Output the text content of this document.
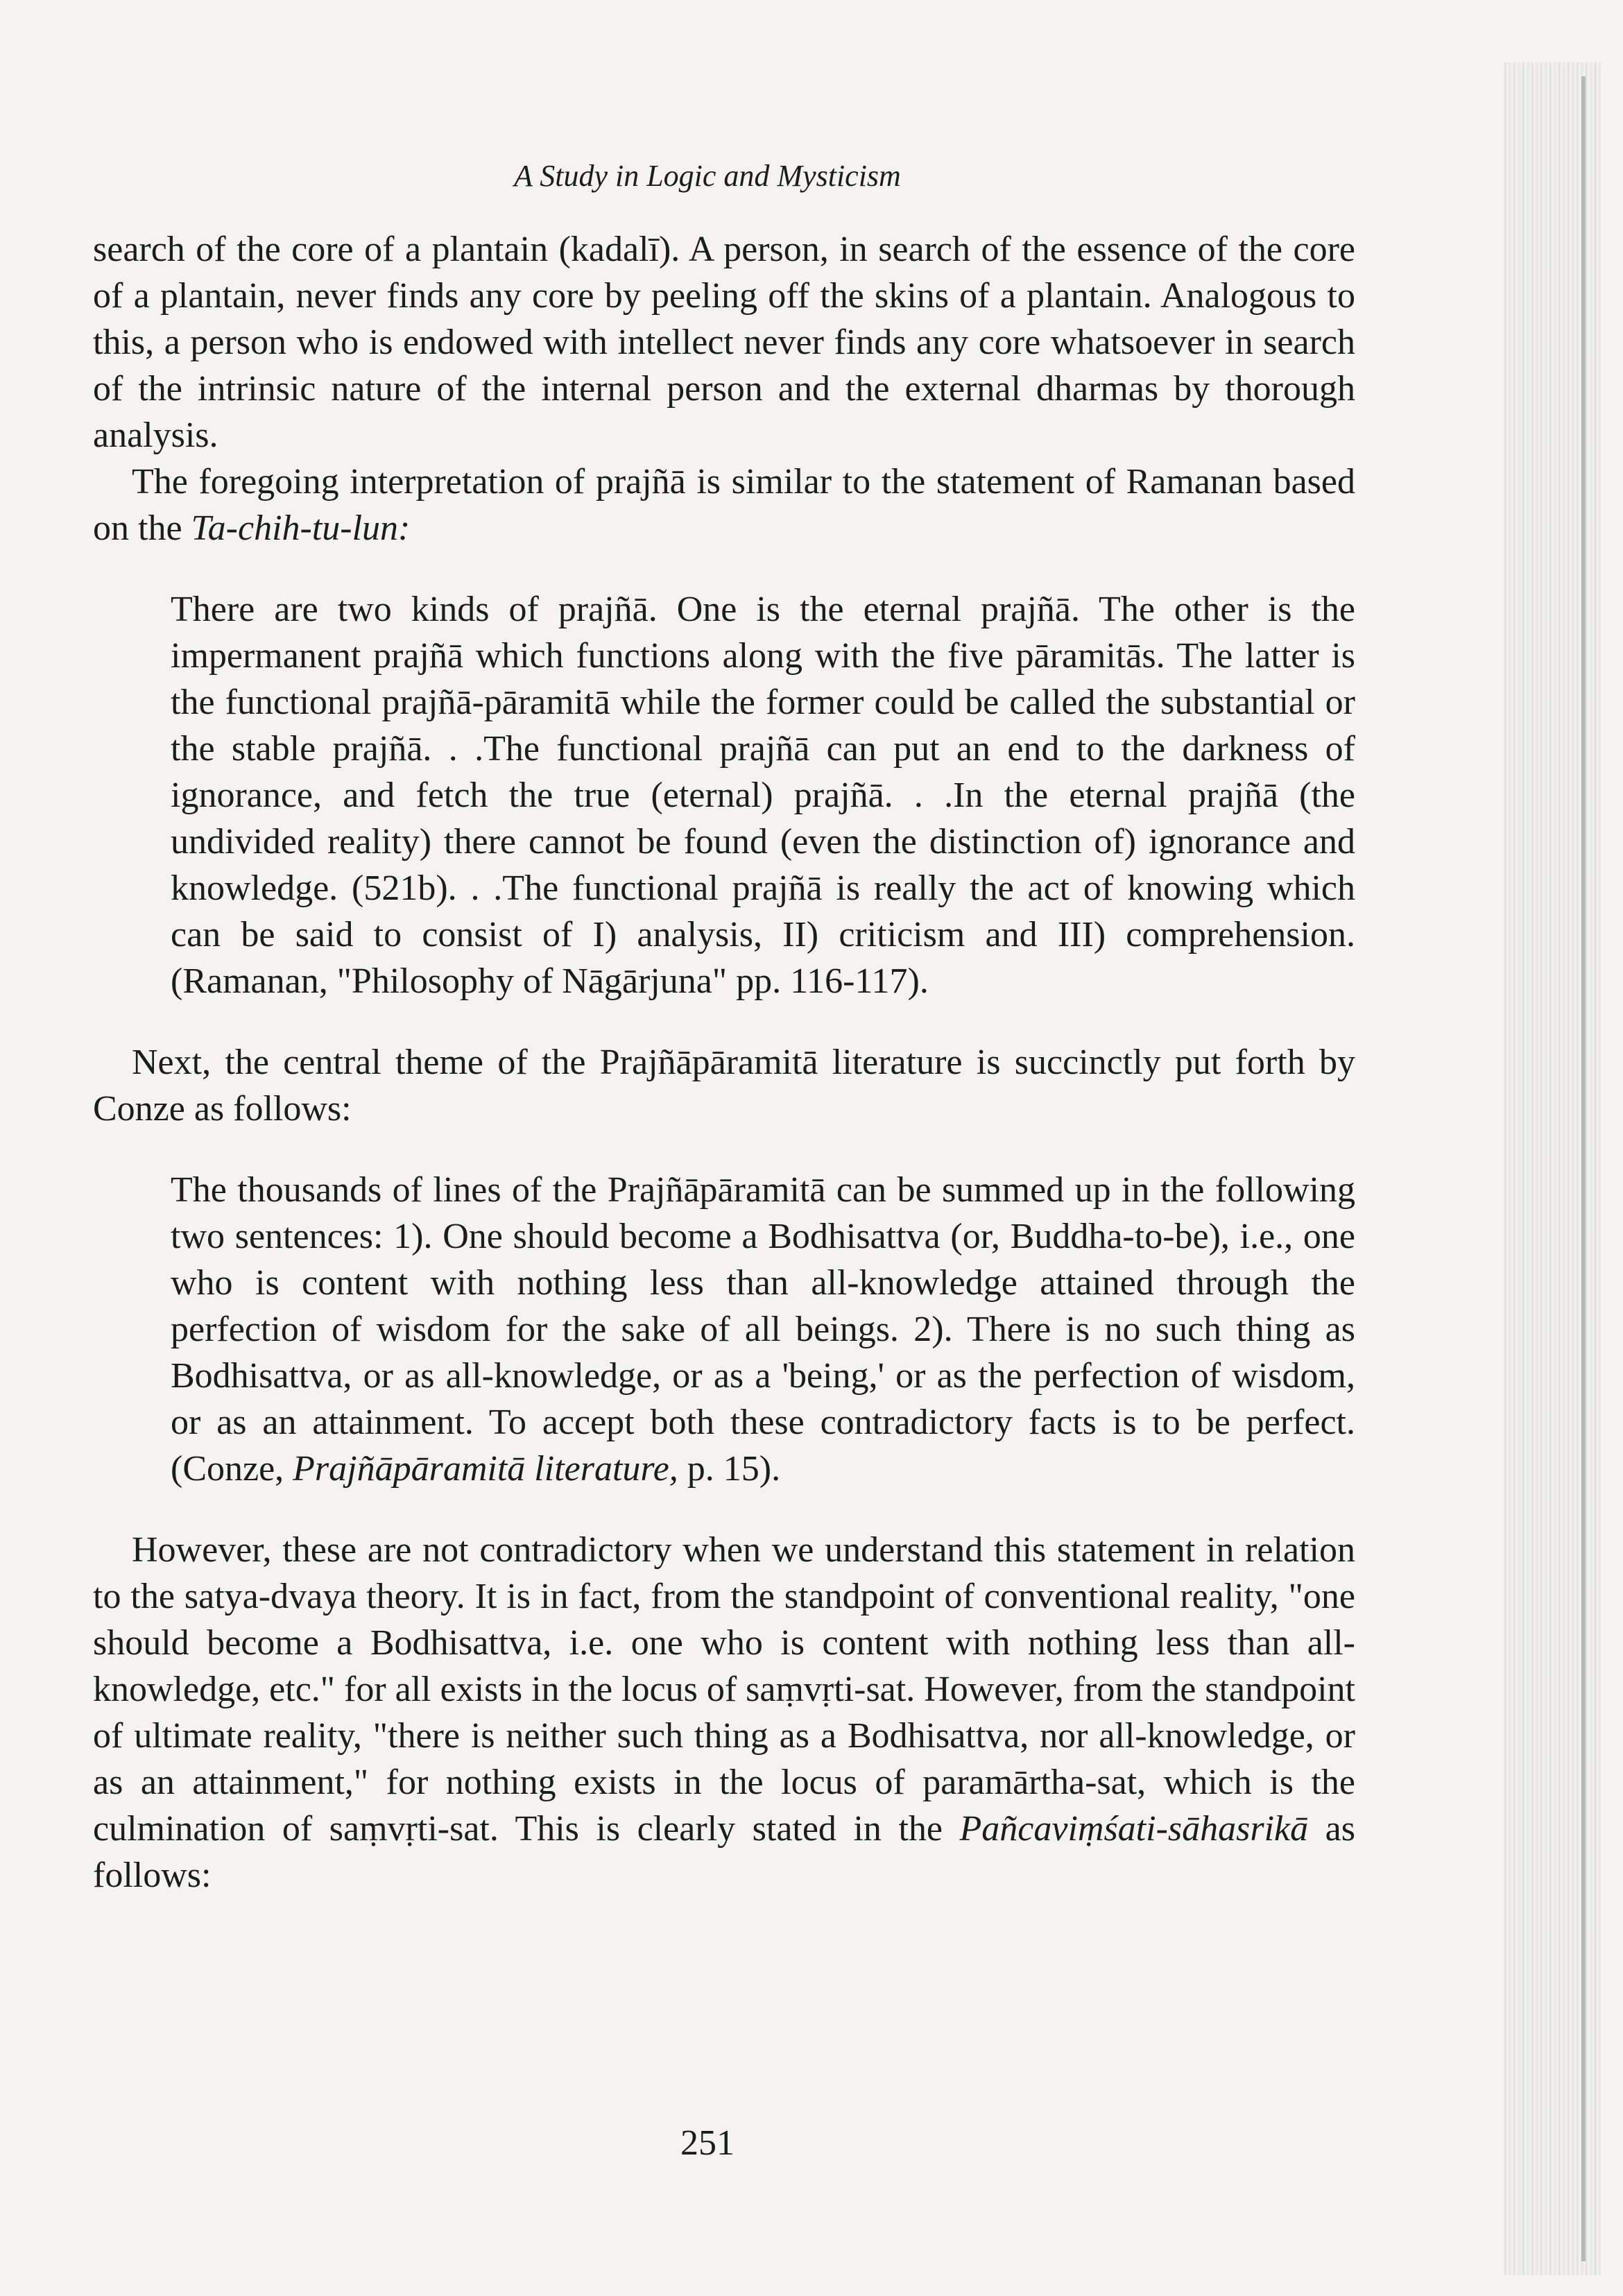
A Study in Logic and Mysticism

search of the core of a plantain (kadalī). A person, in search of the essence of the core of a plantain, never finds any core by peeling off the skins of a plantain. Analogous to this, a person who is endowed with intellect never finds any core whatsoever in search of the intrinsic nature of the internal person and the external dharmas by thorough analysis.

The foregoing interpretation of prajñā is similar to the statement of Ramanan based on the Ta-chih-tu-lun:

There are two kinds of prajñā. One is the eternal prajñā. The other is the impermanent prajñā which functions along with the five pāramitās. The latter is the functional prajñā-pāramitā while the former could be called the substantial or the stable prajñā. . .The functional prajñā can put an end to the darkness of ignorance, and fetch the true (eternal) prajñā. . .In the eternal prajñā (the undivided reality) there cannot be found (even the distinction of) ignorance and knowledge. (521b). . .The functional prajñā is really the act of knowing which can be said to consist of I) analysis, II) criticism and III) comprehension. (Ramanan, "Philosophy of Nāgārjuna" pp. 116-117).

Next, the central theme of the Prajñāpāramitā literature is succinctly put forth by Conze as follows:

The thousands of lines of the Prajñāpāramitā can be summed up in the following two sentences: 1). One should become a Bodhisattva (or, Buddha-to-be), i.e., one who is content with nothing less than all-knowledge attained through the perfection of wisdom for the sake of all beings. 2). There is no such thing as Bodhisattva, or as all-knowledge, or as a 'being,' or as the perfection of wisdom, or as an attainment. To accept both these contradictory facts is to be perfect. (Conze, Prajñāpāramitā literature, p. 15).

However, these are not contradictory when we understand this statement in relation to the satya-dvaya theory. It is in fact, from the standpoint of conventional reality, "one should become a Bodhisattva, i.e. one who is content with nothing less than all-knowledge, etc." for all exists in the locus of saṃvṛti-sat. However, from the standpoint of ultimate reality, "there is neither such thing as a Bodhisattva, nor all-knowledge, or as an attainment," for nothing exists in the locus of paramārtha-sat, which is the culmination of saṃvṛti-sat. This is clearly stated in the Pañcaviṃśati-sāhasrikā as follows:

251
